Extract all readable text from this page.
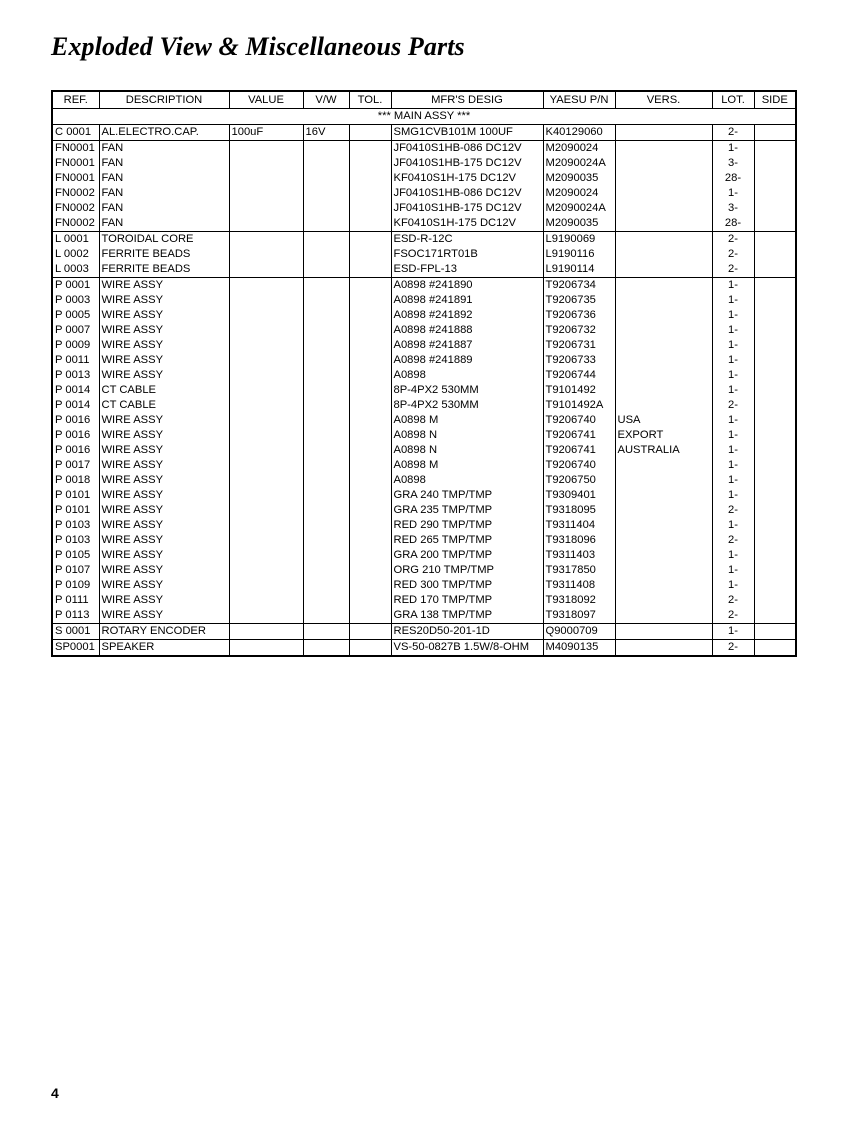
Exploded View & Miscellaneous Parts
REF.	DESCRIPTION	VALUE	V/W	TOL.	MFR'S DESIG	YAESU P/N	VERS.	LOT.	SIDE
*** MAIN ASSY ***									
C 0001	AL.ELECTRO.CAP.	100uF	16V		SMG1CVB101M 100UF	K40129060		2-	
FN0001	FAN				JF0410S1HB-086 DC12V	M2090024		1-	
FN0001	FAN				JF0410S1HB-175 DC12V	M2090024A		3-	
FN0001	FAN				KF0410S1H-175 DC12V	M2090035		28-	
FN0002	FAN				JF0410S1HB-086 DC12V	M2090024		1-	
FN0002	FAN				JF0410S1HB-175 DC12V	M2090024A		3-	
FN0002	FAN				KF0410S1H-175 DC12V	M2090035		28-	
L 0001	TOROIDAL CORE				ESD-R-12C	L9190069		2-	
L 0002	FERRITE BEADS				FSOC171RT01B	L9190116		2-	
L 0003	FERRITE BEADS				ESD-FPL-13	L9190114		2-	
P 0001	WIRE ASSY				A0898 #241890	T9206734		1-	
P 0003	WIRE ASSY				A0898 #241891	T9206735		1-	
P 0005	WIRE ASSY				A0898 #241892	T9206736		1-	
P 0007	WIRE ASSY				A0898 #241888	T9206732		1-	
P 0009	WIRE ASSY				A0898 #241887	T9206731		1-	
P 0011	WIRE ASSY				A0898 #241889	T9206733		1-	
P 0013	WIRE ASSY				A0898	T9206744		1-	
P 0014	CT CABLE				8P-4PX2 530MM	T9101492		1-	
P 0014	CT CABLE				8P-4PX2 530MM	T9101492A		2-	
P 0016	WIRE ASSY				A0898 M	T9206740	USA	1-	
P 0016	WIRE ASSY				A0898 N	T9206741	EXPORT	1-	
P 0016	WIRE ASSY				A0898 N	T9206741	AUSTRALIA	1-	
P 0017	WIRE ASSY				A0898 M	T9206740		1-	
P 0018	WIRE ASSY				A0898	T9206750		1-	
P 0101	WIRE ASSY				GRA 240 TMP/TMP	T9309401		1-	
P 0101	WIRE ASSY				GRA 235 TMP/TMP	T9318095		2-	
P 0103	WIRE ASSY				RED 290 TMP/TMP	T9311404		1-	
P 0103	WIRE ASSY				RED 265 TMP/TMP	T9318096		2-	
P 0105	WIRE ASSY				GRA 200 TMP/TMP	T9311403		1-	
P 0107	WIRE ASSY				ORG 210 TMP/TMP	T9317850		1-	
P 0109	WIRE ASSY				RED 300 TMP/TMP	T9311408		1-	
P 0111	WIRE ASSY				RED 170 TMP/TMP	T9318092		2-	
P 0113	WIRE ASSY				GRA 138 TMP/TMP	T9318097		2-	
S 0001	ROTARY ENCODER				RES20D50-201-1D	Q9000709		1-	
SP0001	SPEAKER				VS-50-0827B 1.5W/8-OHM	M4090135		2-	
4
